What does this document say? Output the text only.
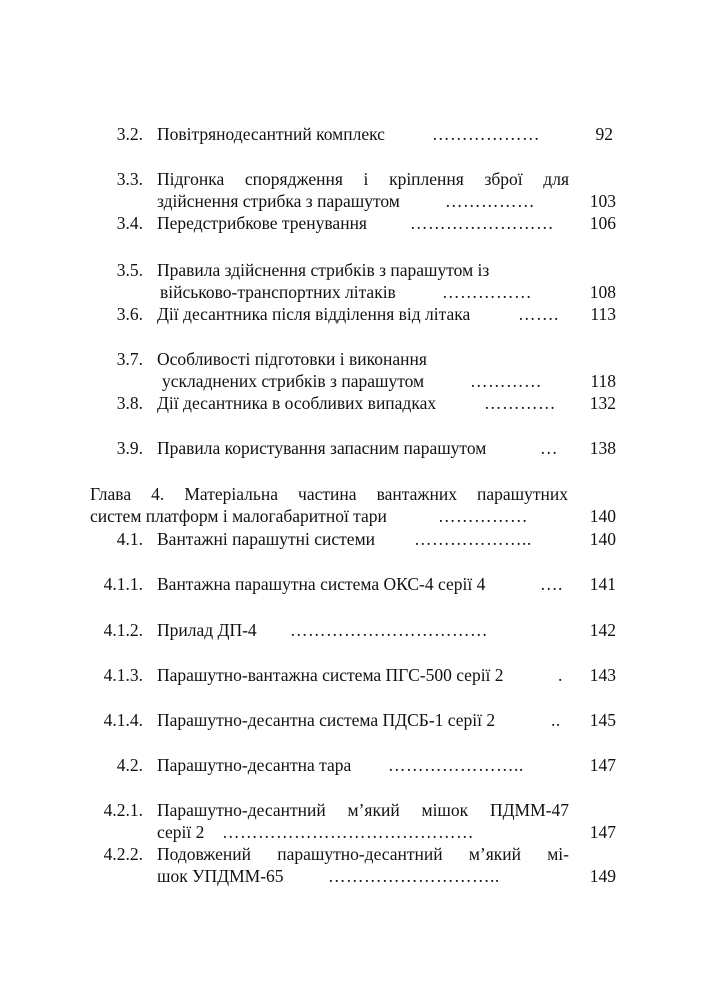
3.2. Повітрянодесантний комплекс	………………	92
3.3. Підгонка спорядження і кріплення зброї для
здійснення стрибка з парашутом	……………	103
3.4. Передстрибкове тренування ……………………	106
3.5. Правила здійснення стрибків з парашутом із
військово-транспортних літаків	……………	108
3.6. Дії десантника після відділення від літака	…….	113
3.7. Особливості підготовки і виконання
ускладнених стрибків з парашутом	…………	118
3.8. Дії десантника в особливих випадках	…………	132
3.9. Правила користування запасним парашутом	…	138
Глава 4. Матеріальна частина вантажних парашутних
систем платформ і малогабаритної тари	……………	140
4.1. Вантажні парашутні системи ………………..	140
4.1.1. Вантажна парашутна система ОКС-4 серії 4	….	141
4.1.2. Прилад ДП-4 ……………………………	142
4.1.3. Парашутно-вантажна система ПГС-500 серії 2	.	143
4.1.4. Парашутно-десантна система ПДСБ-1 серії 2	..	145
4.2. Парашутно-десантна тара …………………..	147
4.2.1. Парашутно-десантний м’який мішок ПДММ-47
серії 2 ……………………………………	147
4.2.2. Подовжений парашутно-десантний м’який мі-
шок УПДММ-65	………………………..	149
